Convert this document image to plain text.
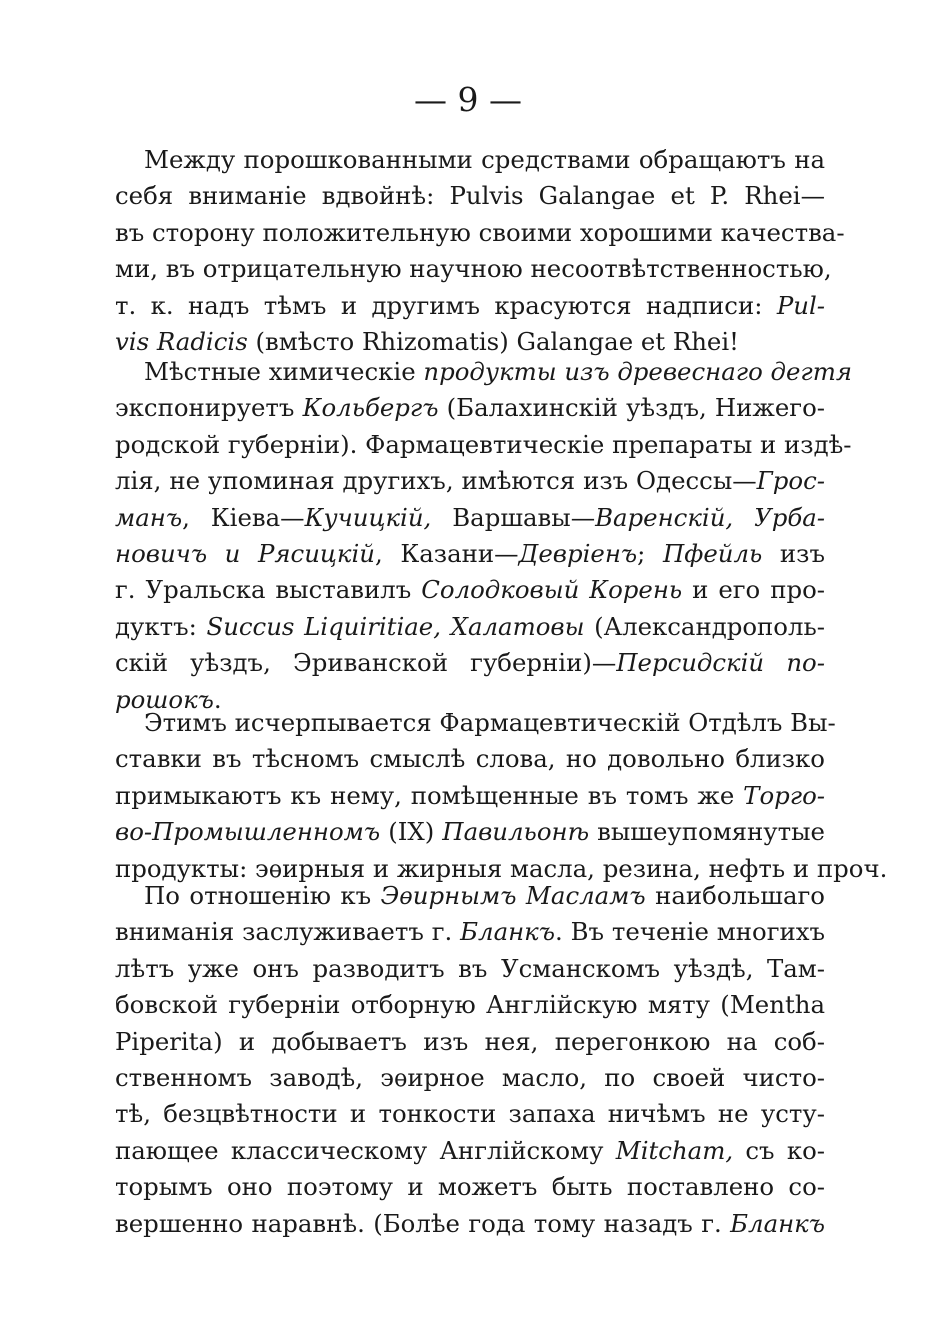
— 9 —
Между порошкованными средствами обращаютъ на
себя вниманіе вдвойнѣ: Pulvis Galangae et P. Rhei—
въ сторону положительную своими хорошими качества-
ми, въ отрицательную научною несоотвѣтственностью,
т. к. надъ тѣмъ и другимъ красуются надписи: Pul-
vis Radicis (вмѣсто Rhizomatis) Galangae et Rhei!
Мѣстные химическіе продукты изъ древеснаго дегтя
экспонируетъ Кольбергъ (Балахинскій уѣздъ, Нижего-
родской губерніи). Фармацевтическіе препараты и издѣ-
лія, не упоминая другихъ, имѣются изъ Одессы—Грос-
манъ, Кіева—Кучицкій, Варшавы—Варенскій, Урба-
новичъ и Рясицкій, Казани—Девріенъ; Пфейль изъ
г. Уральска выставилъ Солодковый Корень и его про-
дуктъ: Succus Liquiritiae, Халатовы (Александрополь-
скій уѣздъ, Эриванской губерніи)—Персидскій по-
рошокъ.
Этимъ исчерпывается Фармацевтическій Отдѣлъ Вы-
ставки въ тѣсномъ смыслѣ слова, но довольно близко
примыкаютъ къ нему, помѣщенные въ томъ же Торго-
во-Промышленномъ (IX) Павильонѣ вышеупомянутые
продукты: эѳирныя и жирныя масла, резина, нефть и проч.
По отношенію къ Эѳирнымъ Масламъ наибольшаго
вниманія заслуживаетъ г. Бланкъ. Въ теченіе многихъ
лѣтъ уже онъ разводитъ въ Усманскомъ уѣздѣ, Там-
бовской губерніи отборную Англійскую мяту (Mentha
Piperita) и добываетъ изъ нея, перегонкою на соб-
ственномъ заводѣ, эѳирное масло, по своей чисто-
тѣ, безцвѣтности и тонкости запаха ничѣмъ не усту-
пающее классическому Англійскому Mitcham, съ ко-
торымъ оно поэтому и можетъ быть поставлено со-
вершенно наравнѣ. (Болѣе года тому назадъ г. Бланкъ
